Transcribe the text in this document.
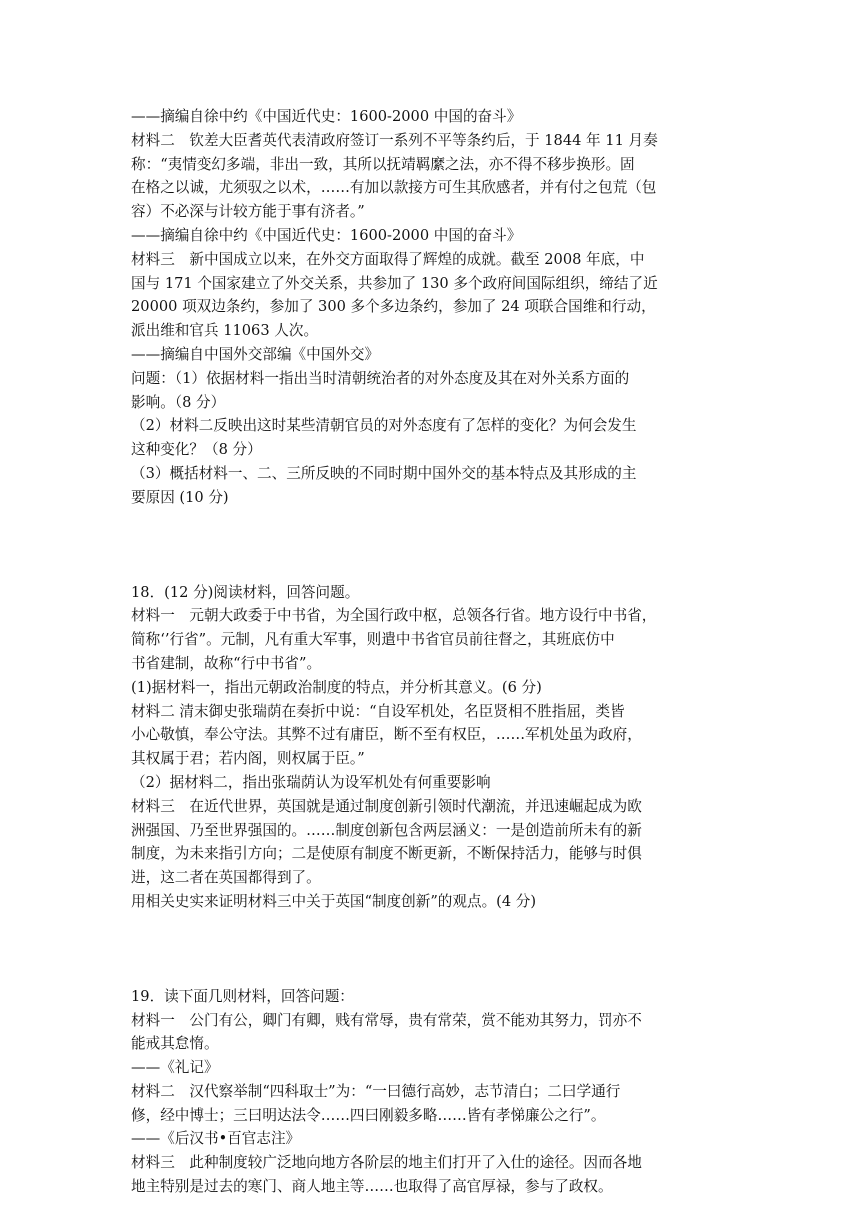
——摘编自徐中约《中国近代史：1600-2000 中国的奋斗》
材料二　钦差大臣耆英代表清政府签订一系列不平等条约后，于 1844 年 11 月奏
称：“夷情变幻多端，非出一致，其所以抚靖羁縻之法，亦不得不移步换形。固
在格之以诚，尤须驭之以术，……有加以款接方可生其欣感者，并有付之包荒（包
容）不必深与计较方能于事有济者。”
——摘编自徐中约《中国近代史：1600-2000 中国的奋斗》
材料三　新中国成立以来，在外交方面取得了辉煌的成就。截至 2008 年底，中
国与 171 个国家建立了外交关系，共参加了 130 多个政府间国际组织，缔结了近
20000 项双边条约，参加了 300 多个多边条约，参加了 24 项联合国维和行动，
派出维和官兵 11063 人次。
——摘编自中国外交部编《中国外交》
问题：（1）依据材料一指出当时清朝统治者的对外态度及其在对外关系方面的
影响。（8 分）
（2）材料二反映出这时某些清朝官员的对外态度有了怎样的变化？为何会发生
这种变化？（8 分）
（3）概括材料一、二、三所反映的不同时期中国外交的基本特点及其形成的主
要原因 (10 分)
18．(12 分)阅读材料，回答问题。
材料一　元朝大政委于中书省，为全国行政中枢，总领各行省。地方设行中书省，
简称‘’行省”。元制，凡有重大军事，则遣中书省官员前往督之，其班底仿中
书省建制，故称“行中书省”。
(1)据材料一，指出元朝政治制度的特点，并分析其意义。(6 分)
材料二 清末御史张瑞荫在奏折中说：“自设军机处，名臣贤相不胜指屈，类皆
小心敬慎，奉公守法。其弊不过有庸臣，断不至有权臣，……军机处虽为政府，
其权属于君；若内阁，则权属于臣。”
（2）据材料二，指出张瑞荫认为设军机处有何重要影响
材料三　在近代世界，英国就是通过制度创新引领时代潮流，并迅速崛起成为欧
洲强国、乃至世界强国的。……制度创新包含两层涵义：一是创造前所未有的新
制度，为未来指引方向；二是使原有制度不断更新，不断保持活力，能够与时俱
进，这二者在英国都得到了。
用相关史实来证明材料三中关于英国“制度创新”的观点。(4 分)
19．读下面几则材料，回答问题：
材料一　公门有公，卿门有卿，贱有常辱，贵有常荣，赏不能劝其努力，罚亦不
能戒其怠惰。
——《礼记》
材料二　汉代察举制“四科取士”为：“一曰德行高妙，志节清白；二曰学通行
修，经中博士；三曰明达法令……四曰刚毅多略……皆有孝悌廉公之行”。
——《后汉书•百官志注》
材料三　此种制度较广泛地向地方各阶层的地主们打开了入仕的途径。因而各地
地主特别是过去的寒门、商人地主等……也取得了高官厚禄，参与了政权。
